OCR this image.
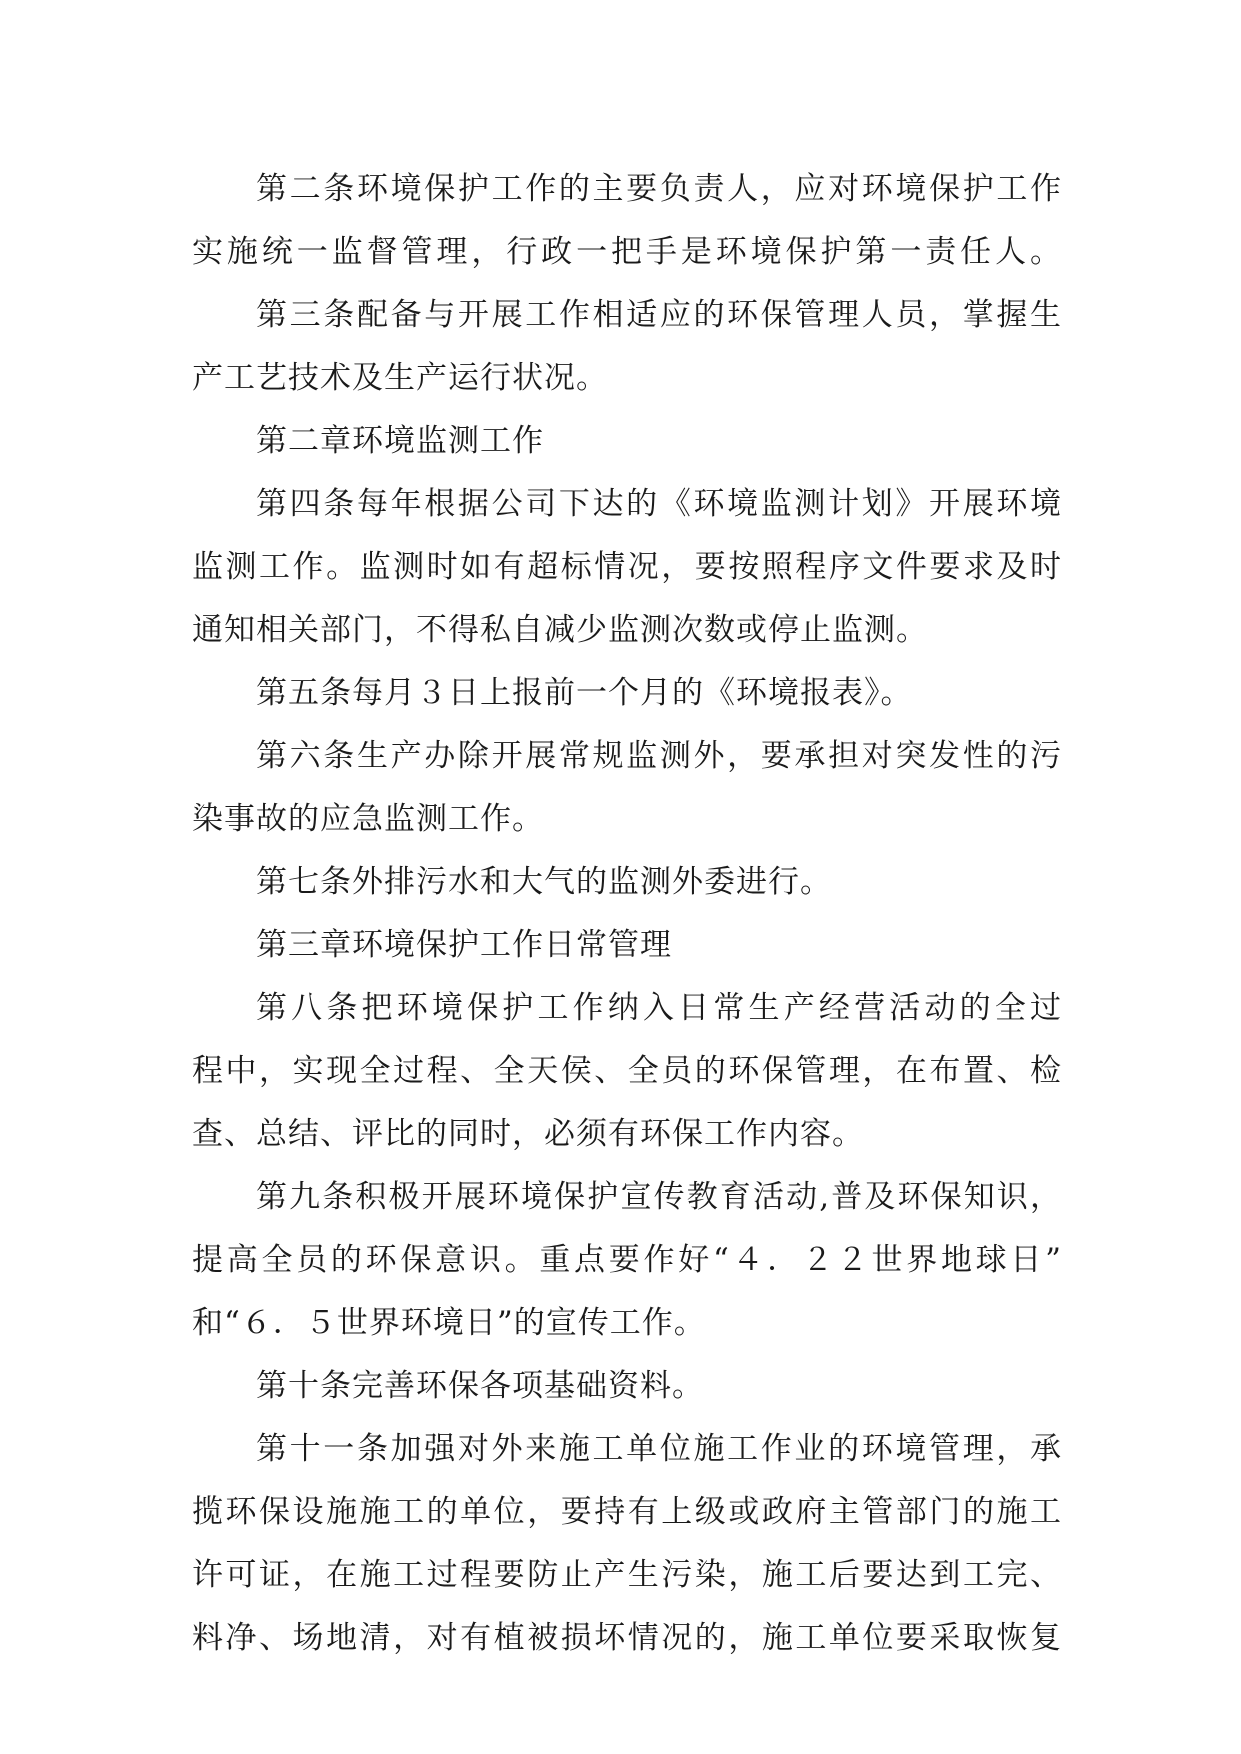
第二条环境保护工作的主要负责人，应对环境保护工作
实施统一监督管理，行政一把手是环境保护第一责任人。
第三条配备与开展工作相适应的环保管理人员，掌握生
产工艺技术及生产运行状况。
第二章环境监测工作
第四条每年根据公司下达的《环境监测计划》开展环境
监测工作。监测时如有超标情况，要按照程序文件要求及时
通知相关部门，不得私自减少监测次数或停止监测。
第五条每月３日上报前一个月的《环境报表》。
第六条生产办除开展常规监测外，要承担对突发性的污
染事故的应急监测工作。
第七条外排污水和大气的监测外委进行。
第三章环境保护工作日常管理
第八条把环境保护工作纳入日常生产经营活动的全过
程中，实现全过程、全天侯、全员的环保管理，在布置、检
查、总结、评比的同时，必须有环保工作内容。
第九条积极开展环境保护宣传教育活动,普及环保知识，
提高全员的环保意识。重点要作好“４．２２世界地球日”
和“６．５世界环境日”的宣传工作。
第十条完善环保各项基础资料。
第十一条加强对外来施工单位施工作业的环境管理，承
揽环保设施施工的单位，要持有上级或政府主管部门的施工
许可证，在施工过程要防止产生污染，施工后要达到工完、
料净、场地清，对有植被损坏情况的，施工单位要采取恢复
